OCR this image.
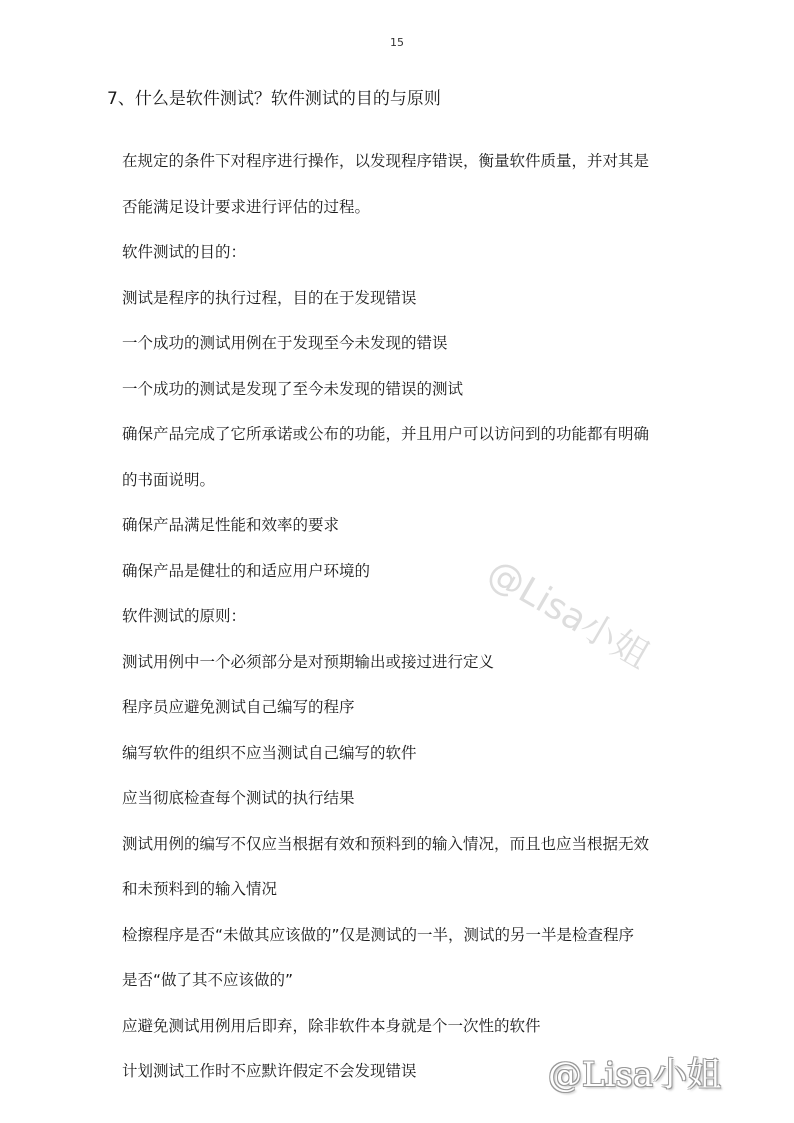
15
7、什么是软件测试？软件测试的目的与原则
在规定的条件下对程序进行操作，以发现程序错误，衡量软件质量，并对其是
否能满足设计要求进行评估的过程。
软件测试的目的：
测试是程序的执行过程，目的在于发现错误
一个成功的测试用例在于发现至今未发现的错误
一个成功的测试是发现了至今未发现的错误的测试
确保产品完成了它所承诺或公布的功能，并且用户可以访问到的功能都有明确
的书面说明。
确保产品满足性能和效率的要求
确保产品是健壮的和适应用户环境的
软件测试的原则：
测试用例中一个必须部分是对预期输出或接过进行定义
程序员应避免测试自己编写的程序
编写软件的组织不应当测试自己编写的软件
应当彻底检查每个测试的执行结果
测试用例的编写不仅应当根据有效和预料到的输入情况，而且也应当根据无效
和未预料到的输入情况
检擦程序是否“未做其应该做的”仅是测试的一半，测试的另一半是检查程序
是否“做了其不应该做的”
应避免测试用例用后即弃，除非软件本身就是个一次性的软件
计划测试工作时不应默许假定不会发现错误
@Lisa小姐
@Lisa小姐
